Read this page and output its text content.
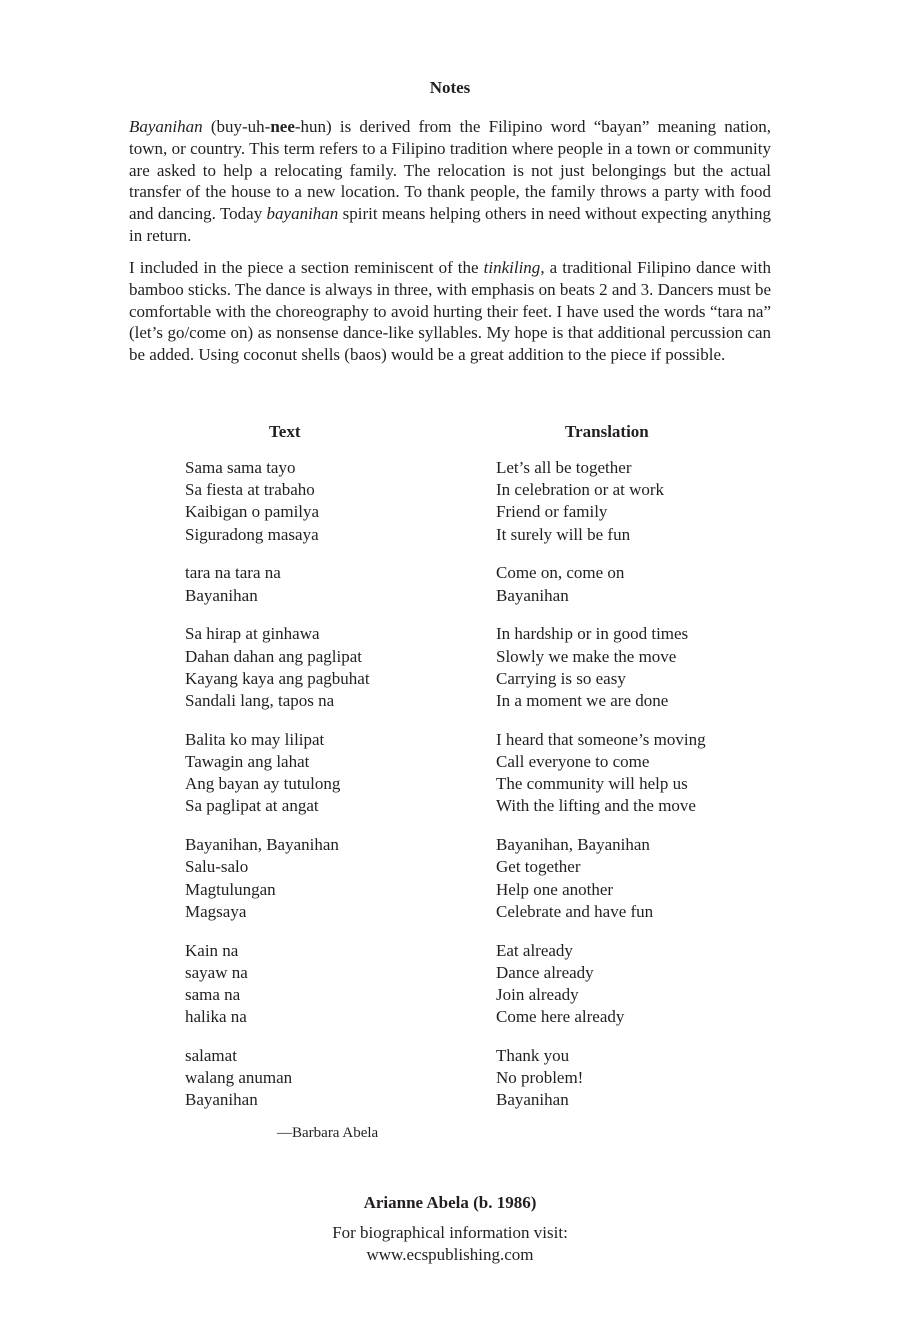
Notes

Bayanihan (buy-uh-nee-hun) is derived from the Filipino word “bayan” meaning nation, town, or country. This term refers to a Filipino tradition where people in a town or community are asked to help a relocating family. The relocation is not just belongings but the actual transfer of the house to a new location. To thank people, the family throws a party with food and dancing. Today bayanihan spirit means helping others in need without expecting anything in return.

I included in the piece a section reminiscent of the tinkiling, a traditional Filipino dance with bamboo sticks. The dance is always in three, with emphasis on beats 2 and 3. Dancers must be comfortable with the choreography to avoid hurting their feet. I have used the words “tara na” (let’s go/come on) as nonsense dance-like syllables. My hope is that additional percussion can be added. Using coconut shells (baos) would be a great addition to the piece if possible.

Text	Translation
Sama sama tayo
Sa fiesta at trabaho
Kaibigan o pamilya
Siguradong masaya
tara na tara na
Bayanihan
Sa hirap at ginhawa
Dahan dahan ang paglipat
Kayang kaya ang pagbuhat
Sandali lang, tapos na
Balita ko may lilipat
Tawagin ang lahat
Ang bayan ay tutulong
Sa paglipat at angat
Bayanihan, Bayanihan
Salu-salo
Magtulungan
Magsaya
Kain na
sayaw na
sama na
halika na
salamat
walang anuman
Bayanihan
Let’s all be together
In celebration or at work
Friend or family
It surely will be fun
Come on, come on
Bayanihan
In hardship or in good times
Slowly we make the move
Carrying is so easy
In a moment we are done
I heard that someone’s moving
Call everyone to come
The community will help us
With the lifting and the move
Bayanihan, Bayanihan
Get together
Help one another
Celebrate and have fun
Eat already
Dance already
Join already
Come here already
Thank you
No problem!
Bayanihan
—Barbara Abela
Arianne Abela (b. 1986)
For biographical information visit:
www.ecspublishing.com
